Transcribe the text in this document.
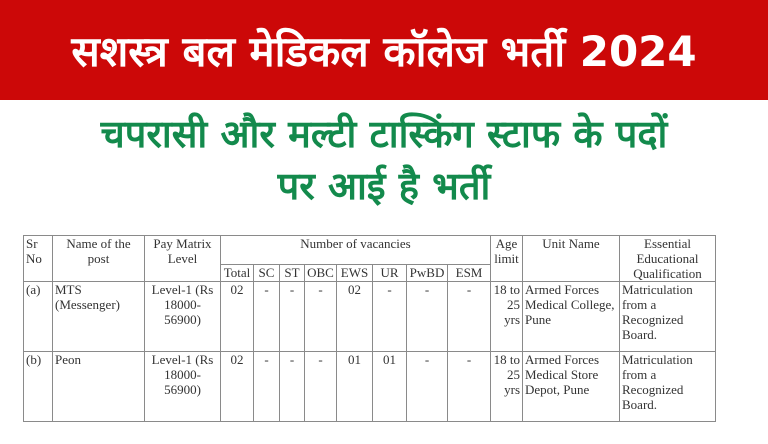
सशस्त्र बल मेडिकल कॉलेज भर्ती 2024
चपरासी और मल्टी टास्किंग स्टाफ के पदों
पर आई है भर्ती
Sr No	Name of the post	Pay Matrix Level	Number of vacancies								Age limit	Unit Name	Essential Educational Qualification
			Total	SC	ST	OBC	EWS	UR	PwBD	ESM			
(a)	MTS (Messenger)	Level-1 (Rs 18000-56900)	02	-	-	-	02	-	-	-	18 to 25 yrs	Armed Forces Medical College, Pune	Matriculation from a Recognized Board.
(b)	Peon	Level-1 (Rs 18000-56900)	02	-	-	-	01	01	-	-	18 to 25 yrs	Armed Forces Medical Store Depot, Pune	Matriculation from a Recognized Board.
